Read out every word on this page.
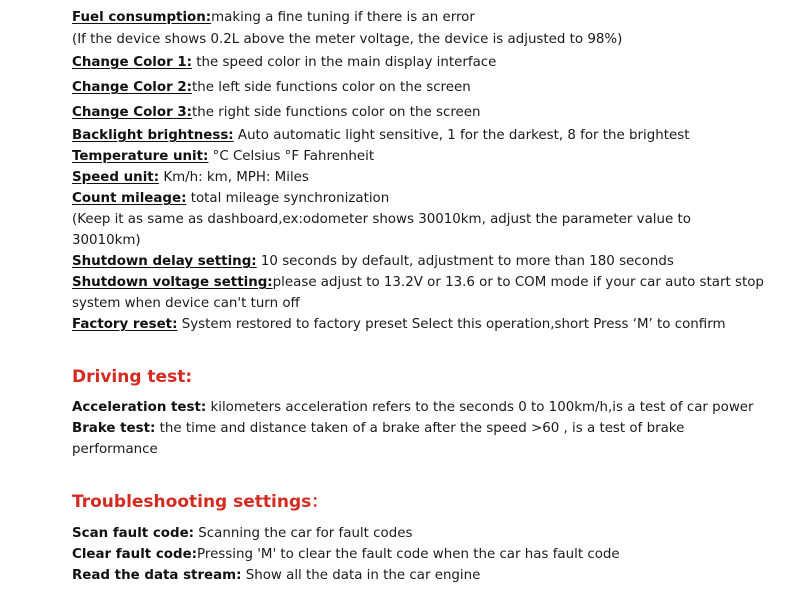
Fuel consumption:making a fine tuning if there is an error
(If the device shows 0.2L above the meter voltage, the device is adjusted to 98%)
Change Color 1: the speed color in the main display interface
Change Color 2:the left side functions color on the screen
Change Color 3:the right side functions color on the screen
Backlight brightness: Auto automatic light sensitive, 1 for the darkest, 8 for the brightest
Temperature unit: °C Celsius °F Fahrenheit
Speed unit: Km/h: km, MPH: Miles
Count mileage: total mileage synchronization
(Keep it as same as dashboard,ex:odometer shows 30010km, adjust the parameter value to
30010km)
Shutdown delay setting: 10 seconds by default, adjustment to more than 180 seconds
Shutdown voltage setting:please adjust to 13.2V or 13.6 or to COM mode if your car auto start stop
system when device can't turn off
Factory reset: System restored to factory preset Select this operation,short Press ‘M’ to confirm
Driving test:
Acceleration test: kilometers acceleration refers to the seconds 0 to 100km/h,is a test of car power
Brake test: the time and distance taken of a brake after the speed >60 , is a test of brake
performance
Troubleshooting settings：
Scan fault code: Scanning the car for fault codes
Clear fault code:Pressing 'M' to clear the fault code when the car has fault code
Read the data stream: Show all the data in the car engine
